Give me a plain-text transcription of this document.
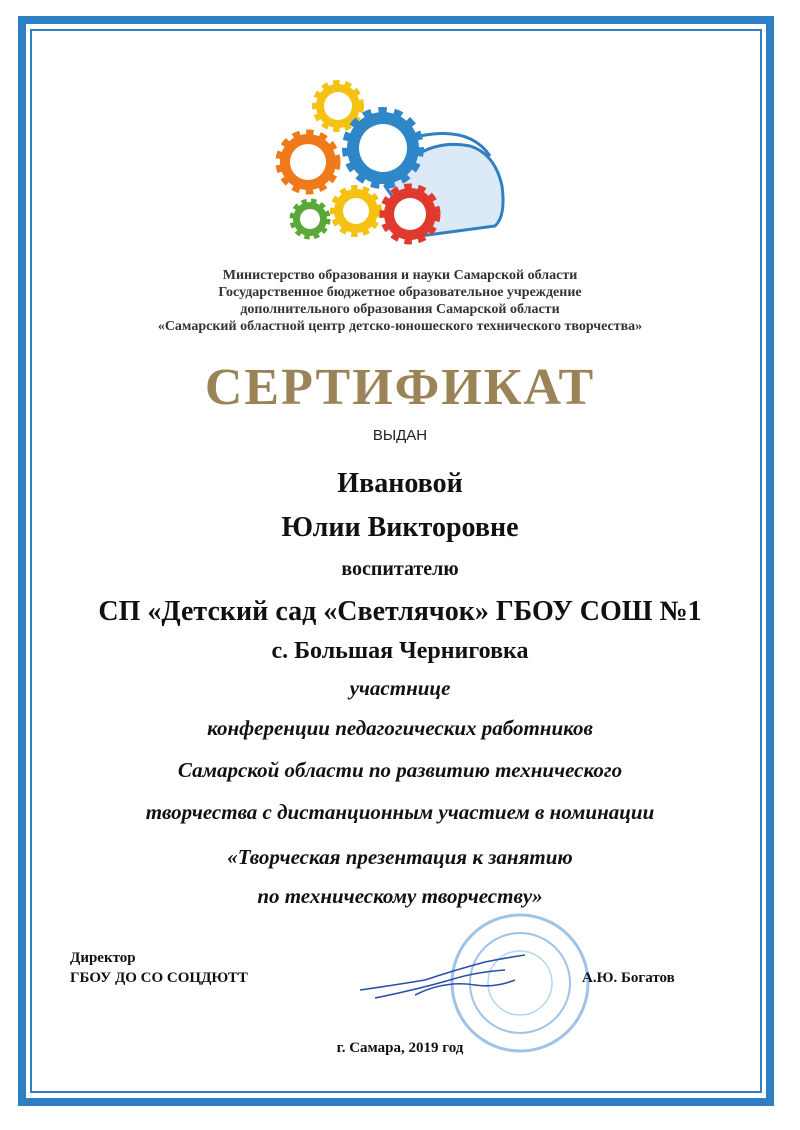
Министерство образования и науки Самарской области
Государственное бюджетное образовательное учреждение
дополнительного образования Самарской области
«Самарский областной центр детско-юношеского технического творчества»
СЕРТИФИКАТ
ВЫДАН
Ивановой
Юлии Викторовне
воспитателю
СП «Детский сад «Светлячок» ГБОУ СОШ №1
с. Большая Черниговка
участнице
конференции педагогических работников
Самарской области по развитию технического
творчества с дистанционным участием в номинации
«Творческая презентация к занятию
по техническому творчеству»
Директор
ГБОУ ДО СО СОЦДЮТТ	А.Ю. Богатов
г. Самара, 2019 год
